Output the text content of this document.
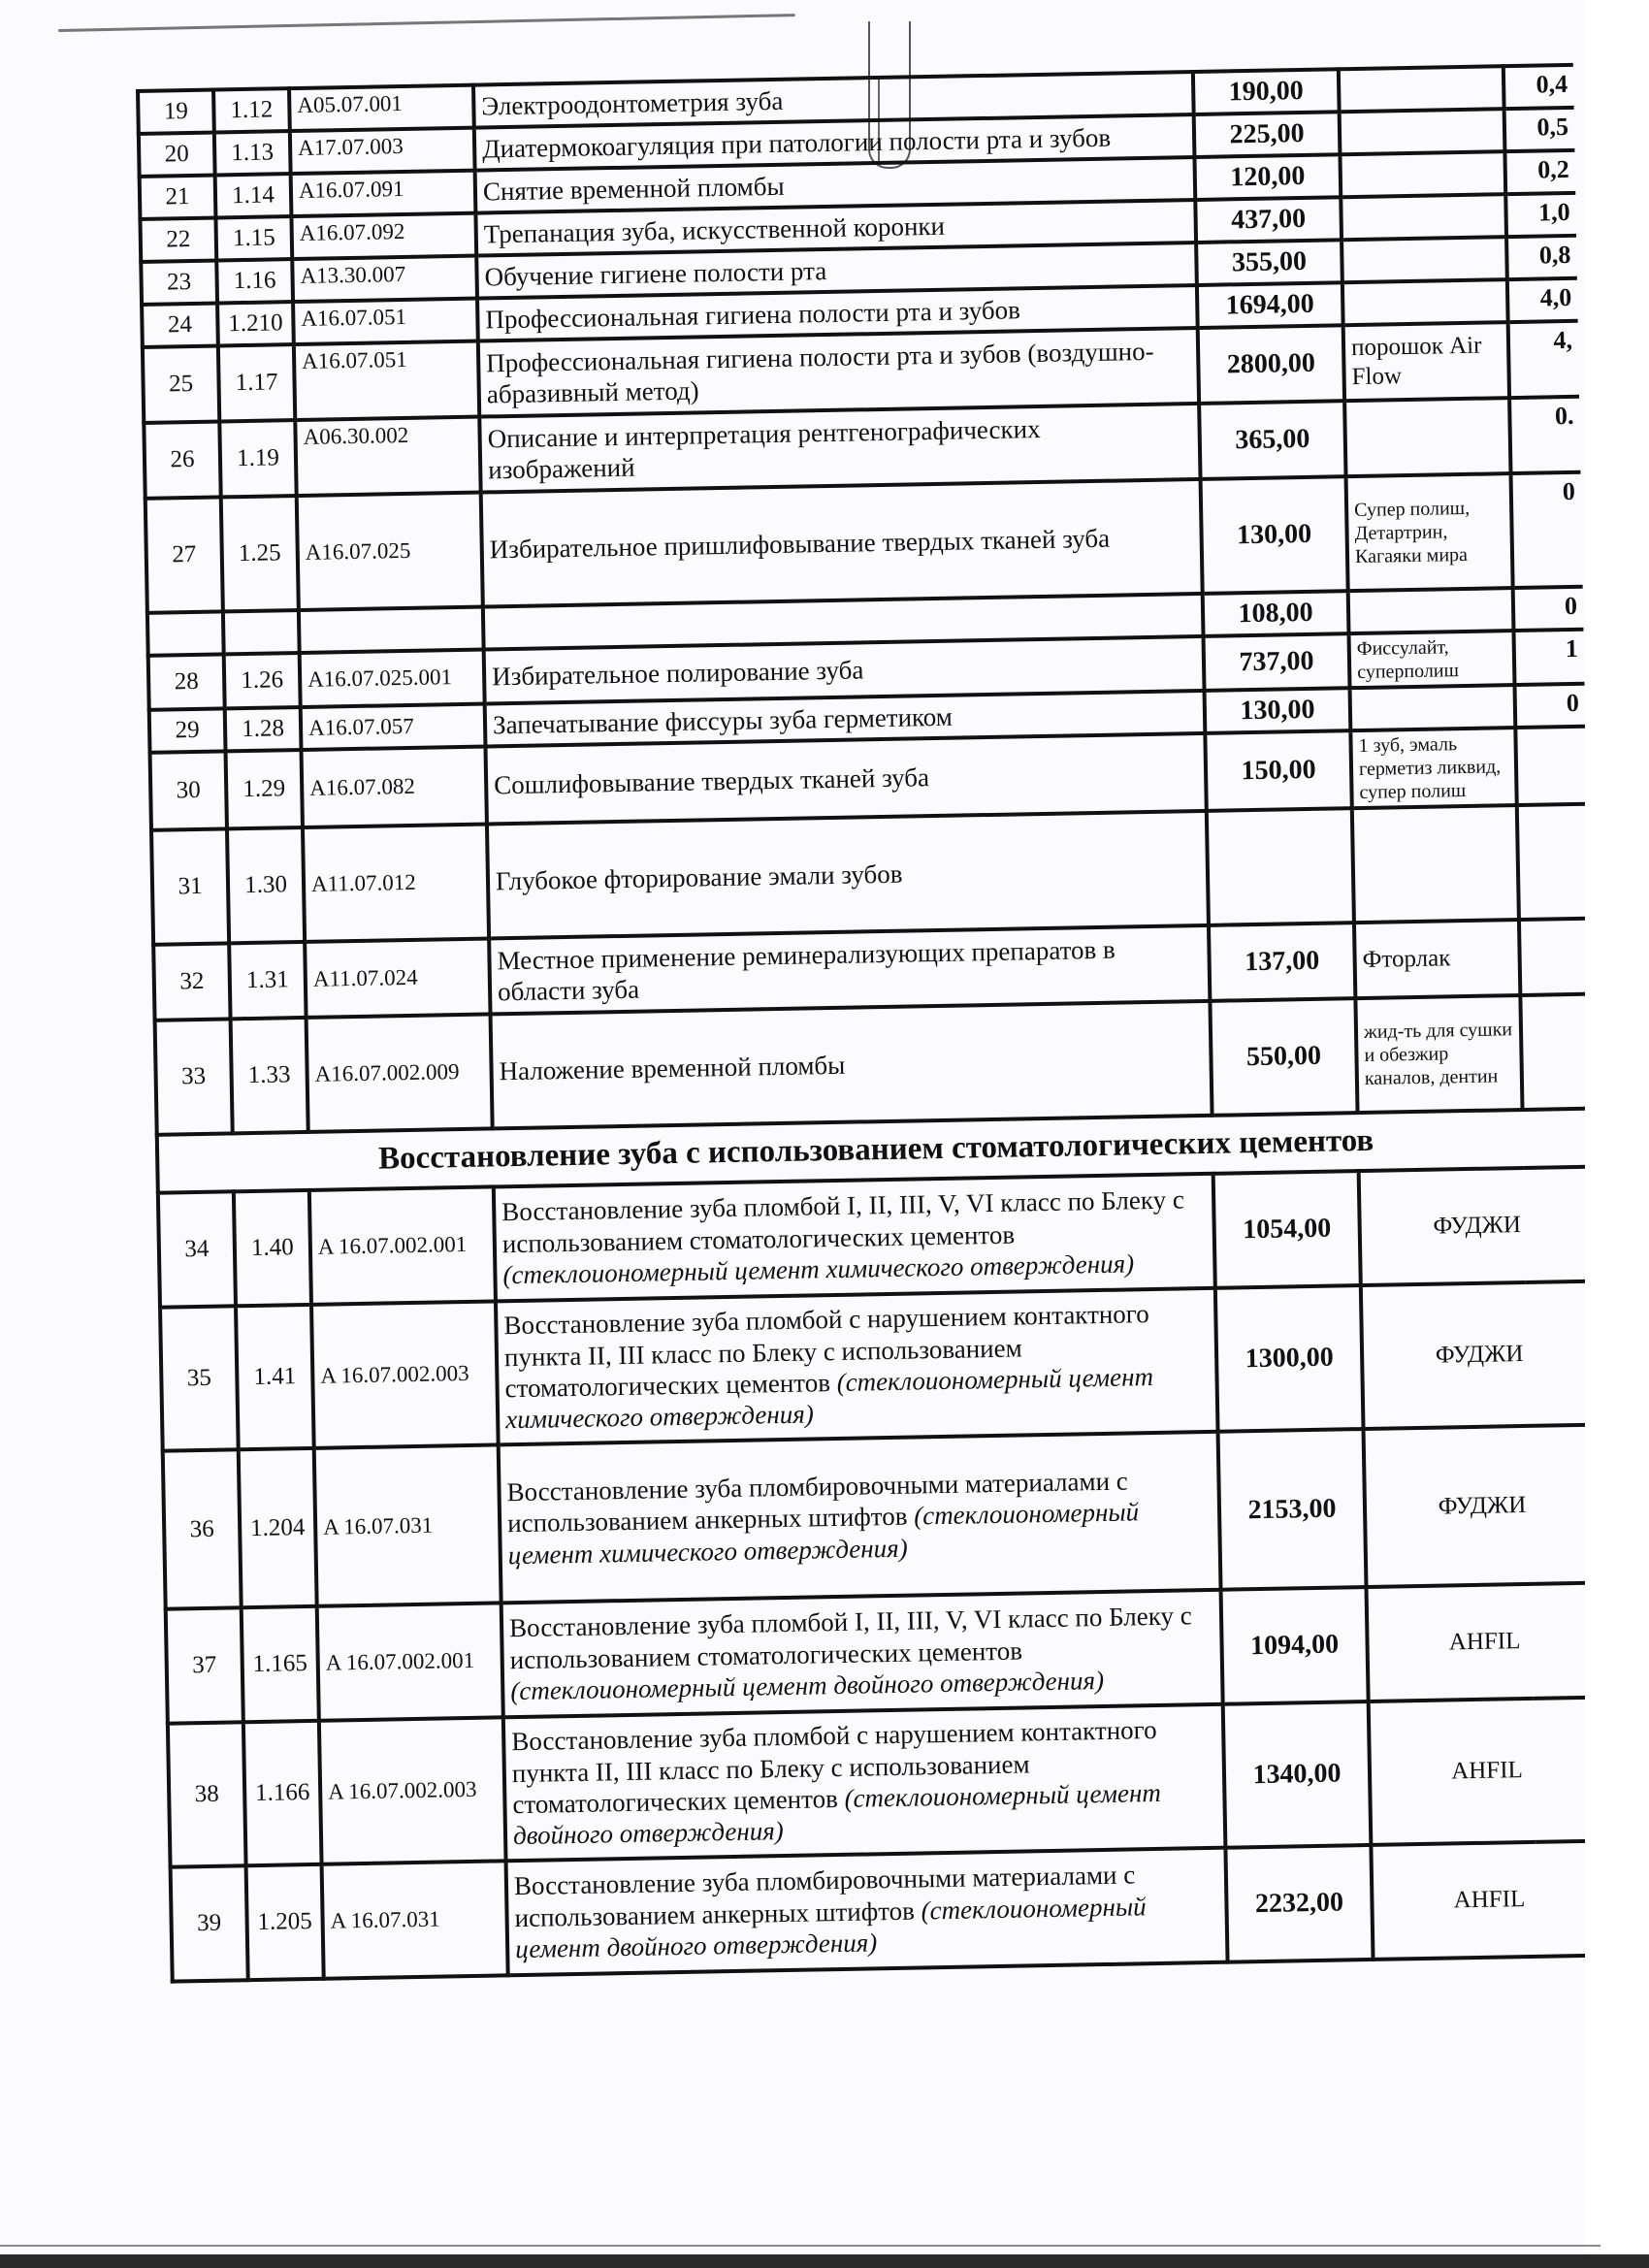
19	1.12	A05.07.001	Электроодонтометрия зуба	190,00		0,4
20	1.13	A17.07.003	Диатермокоагуляция при патологии полости рта и зубов	225,00		0,5
21	1.14	A16.07.091	Снятие временной пломбы	120,00		0,2
22	1.15	A16.07.092	Трепанация зуба, искусственной коронки	437,00		1,0
23	1.16	A13.30.007	Обучение гигиене полости рта	355,00		0,8
24	1.210	A16.07.051	Профессиональная гигиена полости рта и зубов	1694,00		4,0
25	1.17	A16.07.051	Профессиональная гигиена полости рта и зубов (воздушно-абразивный метод)	2800,00	порошок Air Flow	4,
26	1.19	A06.30.002	Описание и интерпретация рентгенографических изображений	365,00		0.
27	1.25	A16.07.025	Избирательное пришлифовывание твердых тканей зуба	130,00	Супер полиш, Детартрин, Кагаяки мира	0
				108,00		0
28	1.26	A16.07.025.001	Избирательное полирование зуба	737,00	Фиссулайт, суперполиш	1
29	1.28	A16.07.057	Запечатывание фиссуры зуба герметиком	130,00		0
30	1.29	A16.07.082	Сошлифовывание твердых тканей зуба	150,00	1 зуб, эмаль герметиз ликвид, супер полиш	
31	1.30	A11.07.012	Глубокое фторирование эмали зубов			
32	1.31	A11.07.024	Местное применение реминерализующих препаратов в области зуба	137,00	Фторлак	
33	1.33	A16.07.002.009	Наложение временной пломбы	550,00	жид-ть для сушки и обезжир каналов, дентин	
Восстановление зуба с использованием стоматологических цементов						
34	1.40	A 16.07.002.001	Восстановление зуба пломбой I, II, III, V, VI класс по Блеку с использованием стоматологических цементов (стеклоиономерный цемент химического отверждения)	1054,00	ФУДЖИ	
35	1.41	A 16.07.002.003	Восстановление зуба пломбой с нарушением контактного пункта II, III класс по Блеку с использованием стоматологических цементов (стеклоиономерный цемент химического отверждения)	1300,00	ФУДЖИ	
36	1.204	A 16.07.031	Восстановление зуба пломбировочными материалами с использованием анкерных штифтов (стеклоиономерный цемент химического отверждения)	2153,00	ФУДЖИ	
37	1.165	A 16.07.002.001	Восстановление зуба пломбой I, II, III, V, VI класс по Блеку с использованием стоматологических цементов (стеклоиономерный цемент двойного отверждения)	1094,00	AHFIL	
38	1.166	A 16.07.002.003	Восстановление зуба пломбой с нарушением контактного пункта II, III класс по Блеку с использованием стоматологических цементов (стеклоиономерный цемент двойного отверждения)	1340,00	AHFIL	
39	1.205	A 16.07.031	Восстановление зуба пломбировочными материалами с использованием анкерных штифтов (стеклоиономерный цемент двойного отверждения)	2232,00	AHFIL	
